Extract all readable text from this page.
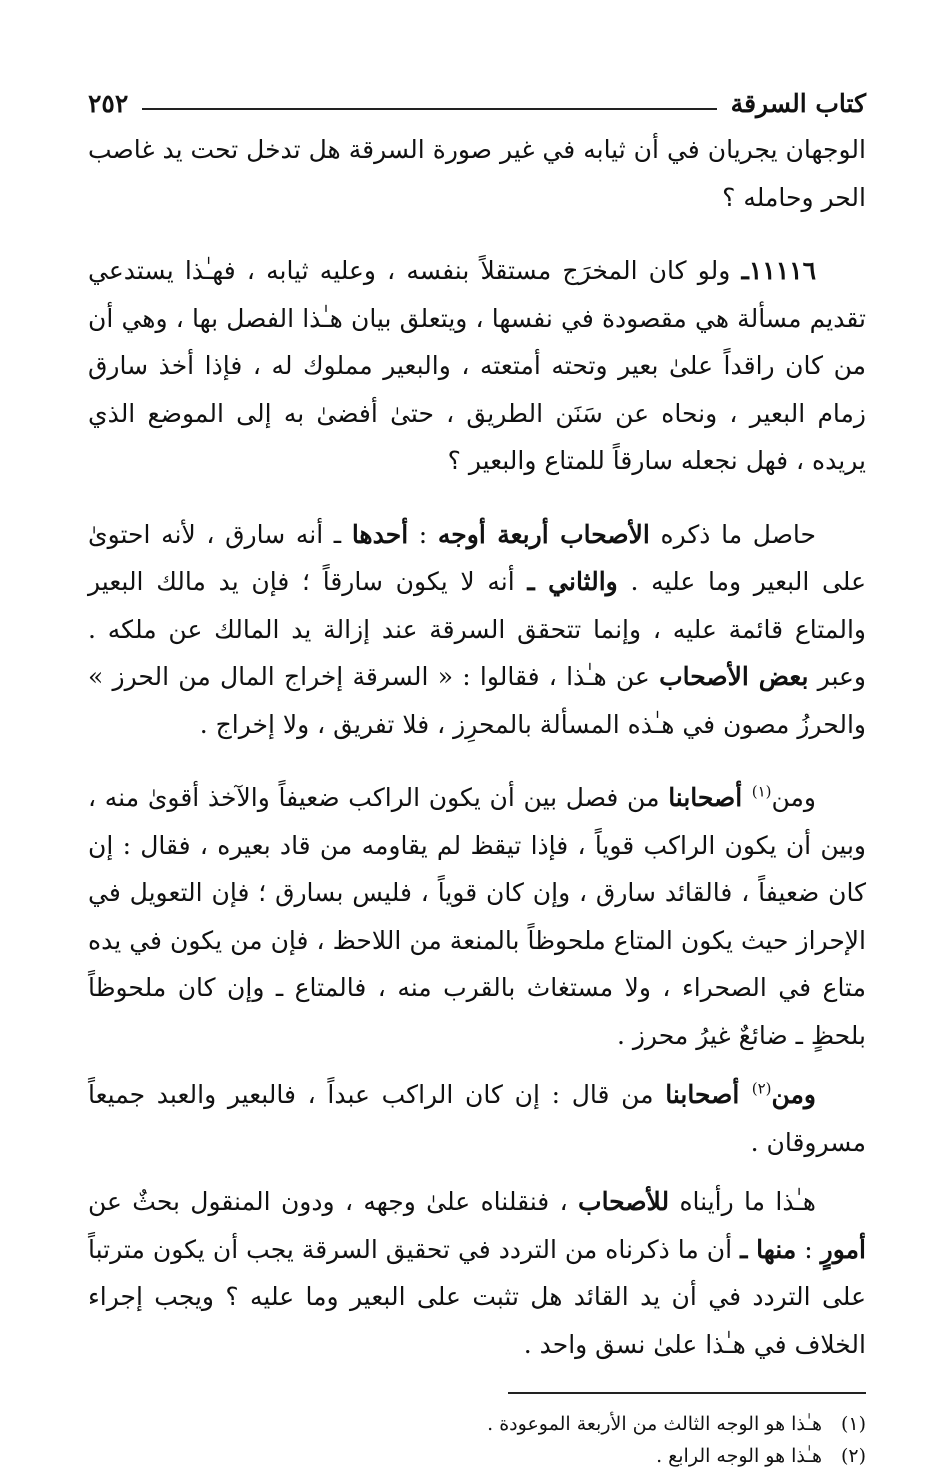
كتاب السرقة
٢٥٢

الوجهان يجريان في أن ثيابه في غير صورة السرقة هل تدخل تحت يد غاصب الحر وحامله ؟

١١١١٦ـ ولو كان المخرَج مستقلاً بنفسه ، وعليه ثيابه ، فهـٰذا يستدعي تقديم مسألة هي مقصودة في نفسها ، ويتعلق بيان هـٰذا الفصل بها ، وهي أن من كان راقداً علىٰ بعير وتحته أمتعته ، والبعير مملوك له ، فإذا أخذ سارق زمام البعير ، ونحاه عن سَنَن الطريق ، حتىٰ أفضىٰ به إلى الموضع الذي يريده ، فهل نجعله سارقاً للمتاع والبعير ؟

حاصل ما ذكره الأصحاب أربعة أوجه : أحدها ـ أنه سارق ، لأنه احتوىٰ على البعير وما عليه . والثاني ـ أنه لا يكون سارقاً ؛ فإن يد مالك البعير والمتاع قائمة عليه ، وإنما تتحقق السرقة عند إزالة يد المالك عن ملكه . وعبر بعض الأصحاب عن هـٰذا ، فقالوا : « السرقة إخراج المال من الحرز » والحرزُ مصون في هـٰذه المسألة بالمحرِز ، فلا تفريق ، ولا إخراج .

ومن$^{(١)}$ أصحابنا من فصل بين أن يكون الراكب ضعيفاً والآخذ أقوىٰ منه ، وبين أن يكون الراكب قوياً ، فإذا تيقظ لم يقاومه من قاد بعيره ، فقال : إن كان ضعيفاً ، فالقائد سارق ، وإن كان قوياً ، فليس بسارق ؛ فإن التعويل في الإحراز حيث يكون المتاع ملحوظاً بالمنعة من اللاحظ ، فإن من يكون في يده متاع في الصحراء ، ولا مستغاث بالقرب منه ، فالمتاع ـ وإن كان ملحوظاً بلحظٍ ـ ضائعٌ غيرُ محرز .

ومن$^{(٢)}$ أصحابنا من قال : إن كان الراكب عبداً ، فالبعير والعبد جميعاً مسروقان .

هـٰذا ما رأيناه للأصحاب ، فنقلناه علىٰ وجهه ، ودون المنقول بحثٌ عن أمورٍ : منها ـ أن ما ذكرناه من التردد في تحقيق السرقة يجب أن يكون مترتباً على التردد في أن يد القائد هل تثبت على البعير وما عليه ؟ ويجب إجراء الخلاف في هـٰذا علىٰ نسق واحد .

(١)هـٰذا هو الوجه الثالث من الأربعة الموعودة .
(٢)هـٰذا هو الوجه الرابع .
